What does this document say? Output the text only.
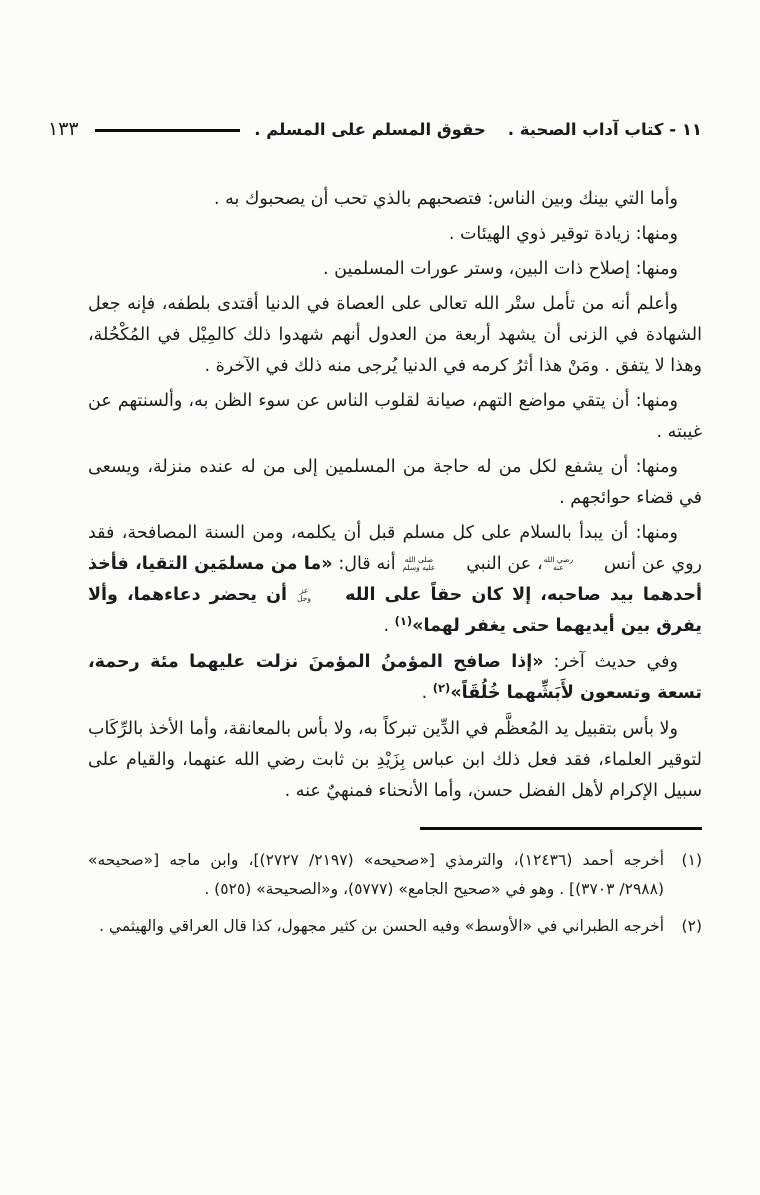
١١ - كتاب آداب الصحبة .حقوق المسلم على المسلم .
١٣٣

وأما التي بينك وبين الناس: فتصحبهم بالذي تحب أن يصحبوك به .

ومنها: زيادة توقير ذوي الهيئات .

ومنها: إصلاح ذات البين، وستر عورات المسلمين .

وأعلم أنه من تأمل ستْر الله تعالى على العصاة في الدنيا أقتدى بلطفه، فإنه جعل الشهادة في الزنى أن يشهد أربعة من العدول أنهم شهدوا ذلك كالمِيْل في المُكْحُلة، وهذا لا يتفق . ومَنْ هذا أثرُ كرمه في الدنيا يُرجى منه ذلك في الآخرة .

ومنها: أن يتقي مواضع التهم، صيانة لقلوب الناس عن سوء الظن به، وألسنتهم عن غيبته .

ومنها: أن يشفع لكل من له حاجة من المسلمين إلى من له عنده منزلة، ويسعى في قضاء حوائجهم .

ومنها: أن يبدأ بالسلام على كل مسلم قبل أن يكلمه، ومن السنة المصافحة، فقد روي عن أنس
رضي الله
عنه
، عن النبي
صلى الله
عليه وسلم
أنه قال: «ما من مسلمَين التقيا، فأخذ أحدهما بيد صاحبه، إلا كان حقاً على الله
عز
وجل
أن يحضر دعاءهما، وألا يفرق بين أيديهما حتى يغفر لهما»$^{(١)}$ .

وفي حديث آخر: «إذا صافح المؤمنُ المؤمنَ نزلت عليهما مئة رحمة، تسعة وتسعون لأَبَشِّهما خُلُقَاً»$^{(٢)}$ .

ولا بأس بتقبيل يد المُعظَّم في الدِّين تبركاً به، ولا بأس بالمعانقة، وأما الأخذ بالرِّكَاب لتوقير العلماء، فقد فعل ذلك ابن عباس بِزَيْدِ بن ثابت رضي الله عنهما، والقيام على سبيل الإكرام لأهل الفضل حسن، وأما الأنحناء فمنهيٌ عنه .

(١)
أخرجه أحمد (١٢٤٣٦)، والترمذي [«صحيحه» (٢١٩٧/ ٢٧٢٧)]، وابن ماجه [«صحيحه» (٢٩٨٨/ ٣٧٠٣)] . وهو في «صحيح الجامع» (٥٧٧٧)، و«الصحيحة» (٥٢٥) .
(٢)
أخرجه الطبراني في «الأوسط» وفيه الحسن بن كثير مجهول، كذا قال العراقي والهيثمي .
